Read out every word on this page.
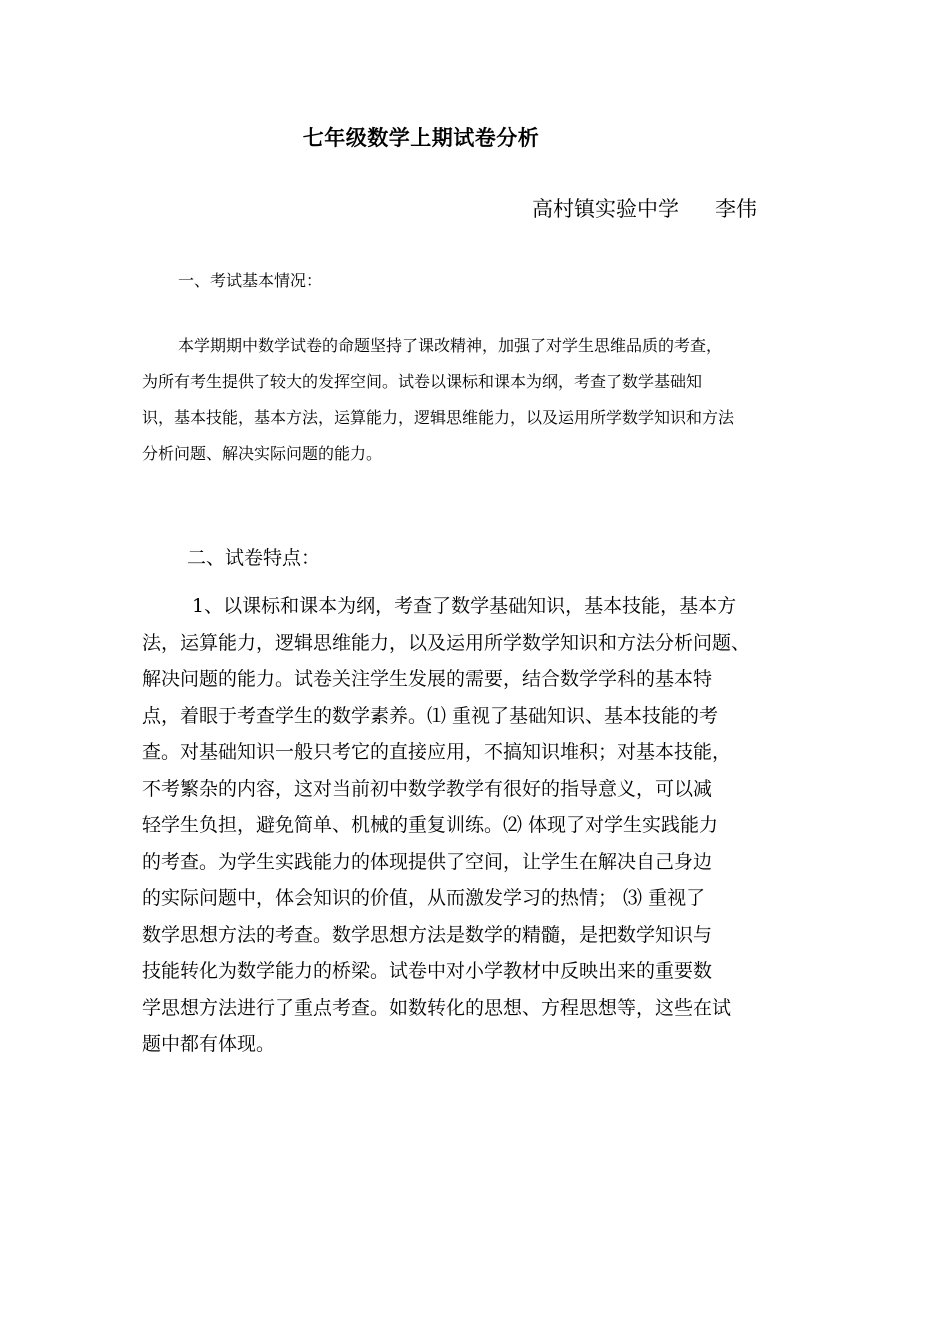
七年级数学上期试卷分析
高村镇实验中学 李伟
一、考试基本情况：

本学期期中数学试卷的命题坚持了课改精神，加强了对学生思维品质的考查，

为所有考生提供了较大的发挥空间。试卷以课标和课本为纲，考查了数学基础知

识，基本技能，基本方法，运算能力，逻辑思维能力，以及运用所学数学知识和方法

分析问题、解决实际问题的能力。

二、试卷特点：

1、以课标和课本为纲，考查了数学基础知识，基本技能，基本方

法，运算能力，逻辑思维能力，以及运用所学数学知识和方法分析问题、

解决问题的能力。试卷关注学生发展的需要，结合数学学科的基本特

点，着眼于考查学生的数学素养。⑴ 重视了基础知识、基本技能的考

查。对基础知识一般只考它的直接应用，不搞知识堆积；对基本技能，

不考繁杂的内容，这对当前初中数学教学有很好的指导意义，可以减

轻学生负担，避免简单、机械的重复训练。⑵ 体现了对学生实践能力

的考查。为学生实践能力的体现提供了空间，让学生在解决自己身边

的实际问题中，体会知识的价值，从而激发学习的热情； ⑶ 重视了

数学思想方法的考查。数学思想方法是数学的精髓，是把数学知识与

技能转化为数学能力的桥梁。试卷中对小学教材中反映出来的重要数

学思想方法进行了重点考查。如数转化的思想、方程思想等，这些在试

题中都有体现。
